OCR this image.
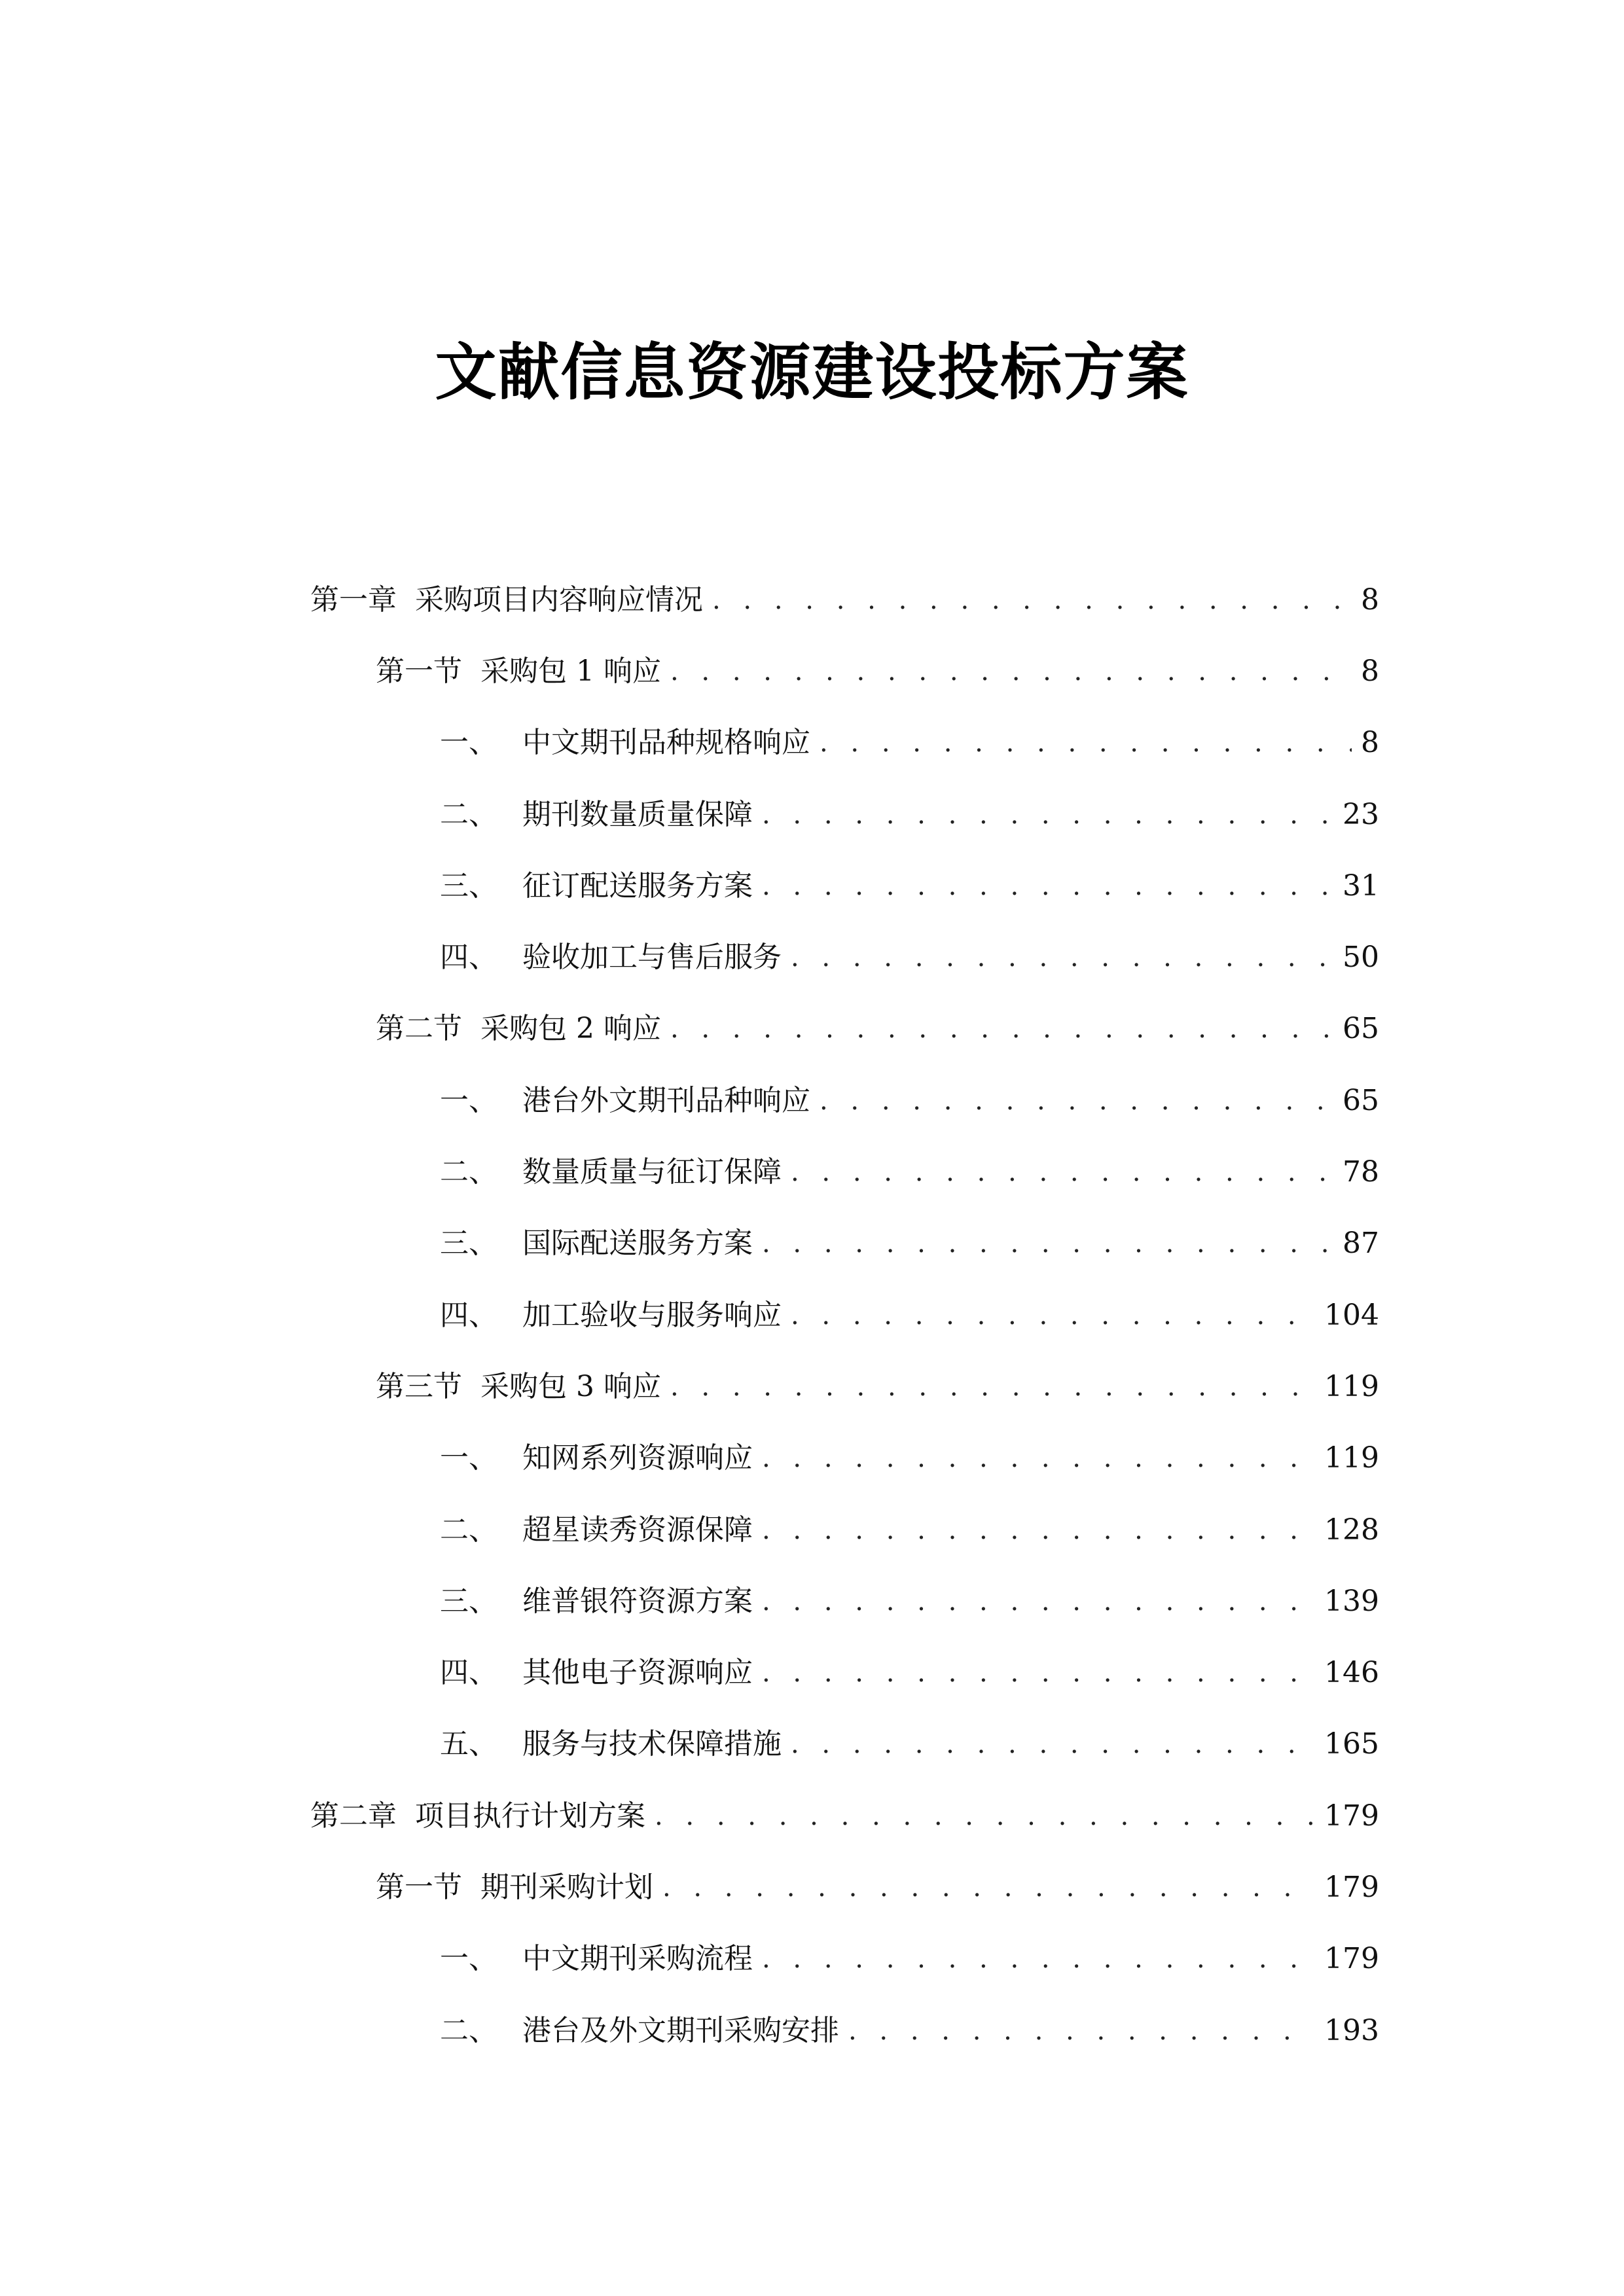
文献信息资源建设投标方案
第一章 采购项目内容响应情况 . . .	8
第一节 采购包 1 响应 . . .	8
一、 中文期刊品种规格响应 . . .	8
二、 期刊数量质量保障 . . .	23
三、 征订配送服务方案 . . .	31
四、 验收加工与售后服务 . . .	50
第二节 采购包 2 响应 . . .	65
一、 港台外文期刊品种响应 . . .	65
二、 数量质量与征订保障 . . .	78
三、 国际配送服务方案 . . .	87
四、 加工验收与服务响应 . . .	104
第三节 采购包 3 响应 . . .	119
一、 知网系列资源响应 . . .	119
二、 超星读秀资源保障 . . .	128
三、 维普银符资源方案 . . .	139
四、 其他电子资源响应 . . .	146
五、 服务与技术保障措施 . . .	165
第二章 项目执行计划方案 . . .	179
第一节 期刊采购计划 . . .	179
一、 中文期刊采购流程 . . .	179
二、 港台及外文期刊采购安排 . . .	193
